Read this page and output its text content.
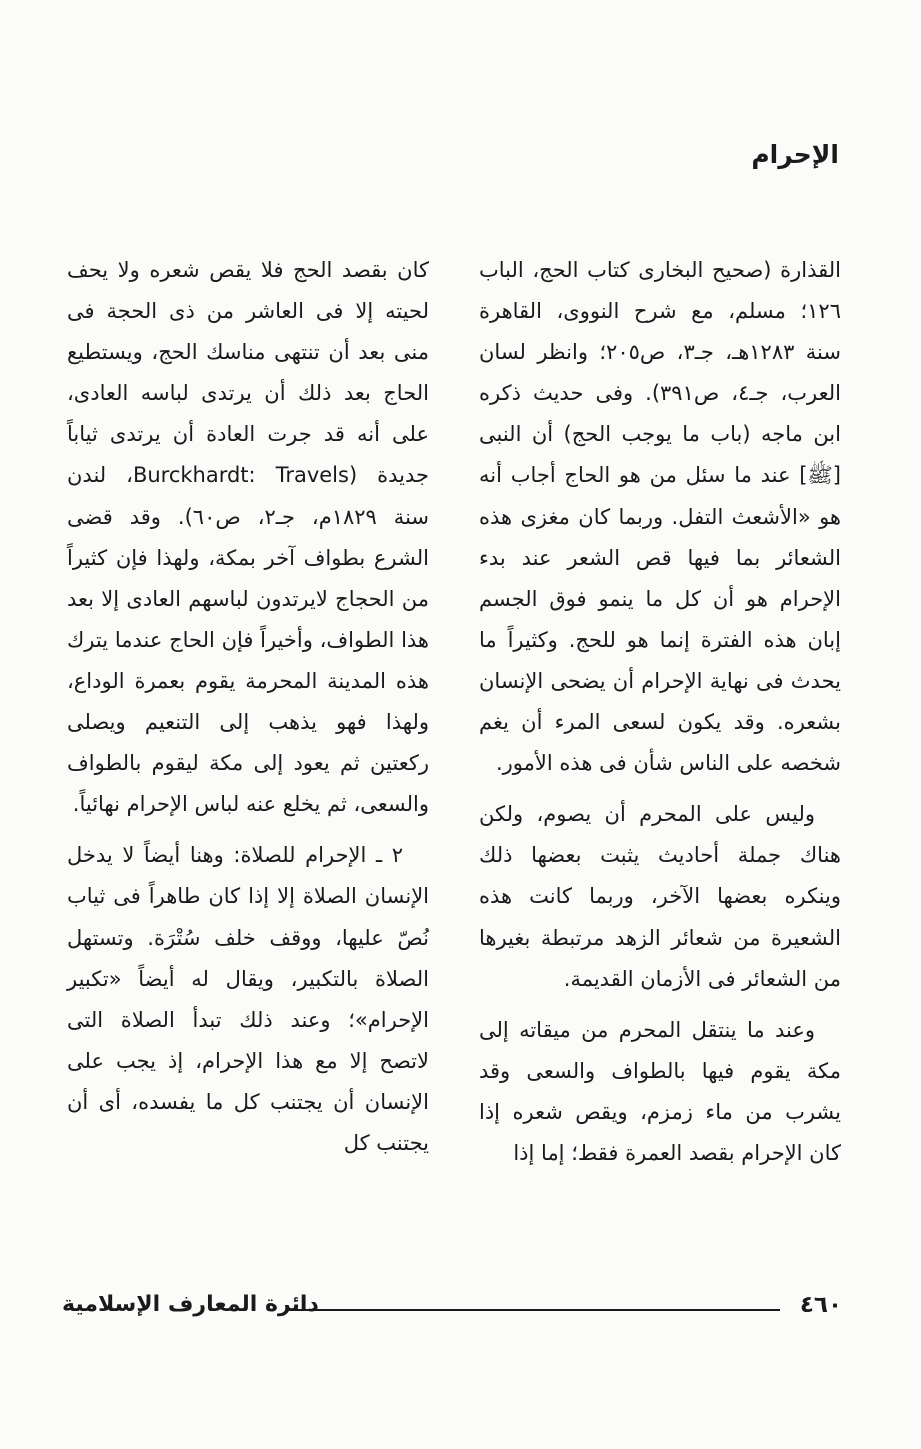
الإحرام

القذارة (صحيح البخارى كتاب الحج، الباب ١٢٦؛ مسلم، مع شرح النووى، القاهرة سنة ١٢٨٣هـ، جـ٣، ص٢٠٥؛ وانظر لسان العرب، جـ٤، ص٣٩١). وفى حديث ذكره ابن ماجه (باب ما يوجب الحج) أن النبى [ﷺ] عند ما سئل من هو الحاج أجاب أنه هو «الأشعث التفل. وربما كان مغزى هذه الشعائر بما فيها قص الشعر عند بدء الإحرام هو أن كل ما ينمو فوق الجسم إبان هذه الفترة إنما هو للحج. وكثيراً ما يحدث فى نهاية الإحرام أن يضحى الإنسان بشعره. وقد يكون لسعى المرء أن يغم شخصه على الناس شأن فى هذه الأمور.

وليس على المحرم أن يصوم، ولكن هناك جملة أحاديث يثبت بعضها ذلك وينكره بعضها الآخر، وربما كانت هذه الشعيرة من شعائر الزهد مرتبطة بغيرها من الشعائر فى الأزمان القديمة.

وعند ما ينتقل المحرم من ميقاته إلى مكة يقوم فيها بالطواف والسعى وقد يشرب من ماء زمزم، ويقص شعره إذا كان الإحرام بقصد العمرة فقط؛ إما إذا

كان بقصد الحج فلا يقص شعره ولا يحف لحيته إلا فى العاشر من ذى الحجة فى منى بعد أن تنتهى مناسك الحج، ويستطيع الحاج بعد ذلك أن يرتدى لباسه العادى، على أنه قد جرت العادة أن يرتدى ثياباً جديدة (Burckhardt: Travels، لندن سنة ١٨٢٩م، جـ٢، ص٦٠). وقد قضى الشرع بطواف آخر بمكة، ولهذا فإن كثيراً من الحجاج لايرتدون لباسهم العادى إلا بعد هذا الطواف، وأخيراً فإن الحاج عندما يترك هذه المدينة المحرمة يقوم بعمرة الوداع، ولهذا فهو يذهب إلى التنعيم ويصلى ركعتين ثم يعود إلى مكة ليقوم بالطواف والسعى، ثم يخلع عنه لباس الإحرام نهائياً.

٢ ـ الإحرام للصلاة: وهنا أيضاً لا يدخل الإنسان الصلاة إلا إذا كان طاهراً فى ثياب نُصّ عليها، ووقف خلف سُتْرَة. وتستهل الصلاة بالتكبير، ويقال له أيضاً «تكبير الإحرام»؛ وعند ذلك تبدأ الصلاة التى لاتصح إلا مع هذا الإحرام، إذ يجب على الإنسان أن يجتنب كل ما يفسده، أى أن يجتنب كل

٤٦٠
دائرة المعارف الإسلامية
